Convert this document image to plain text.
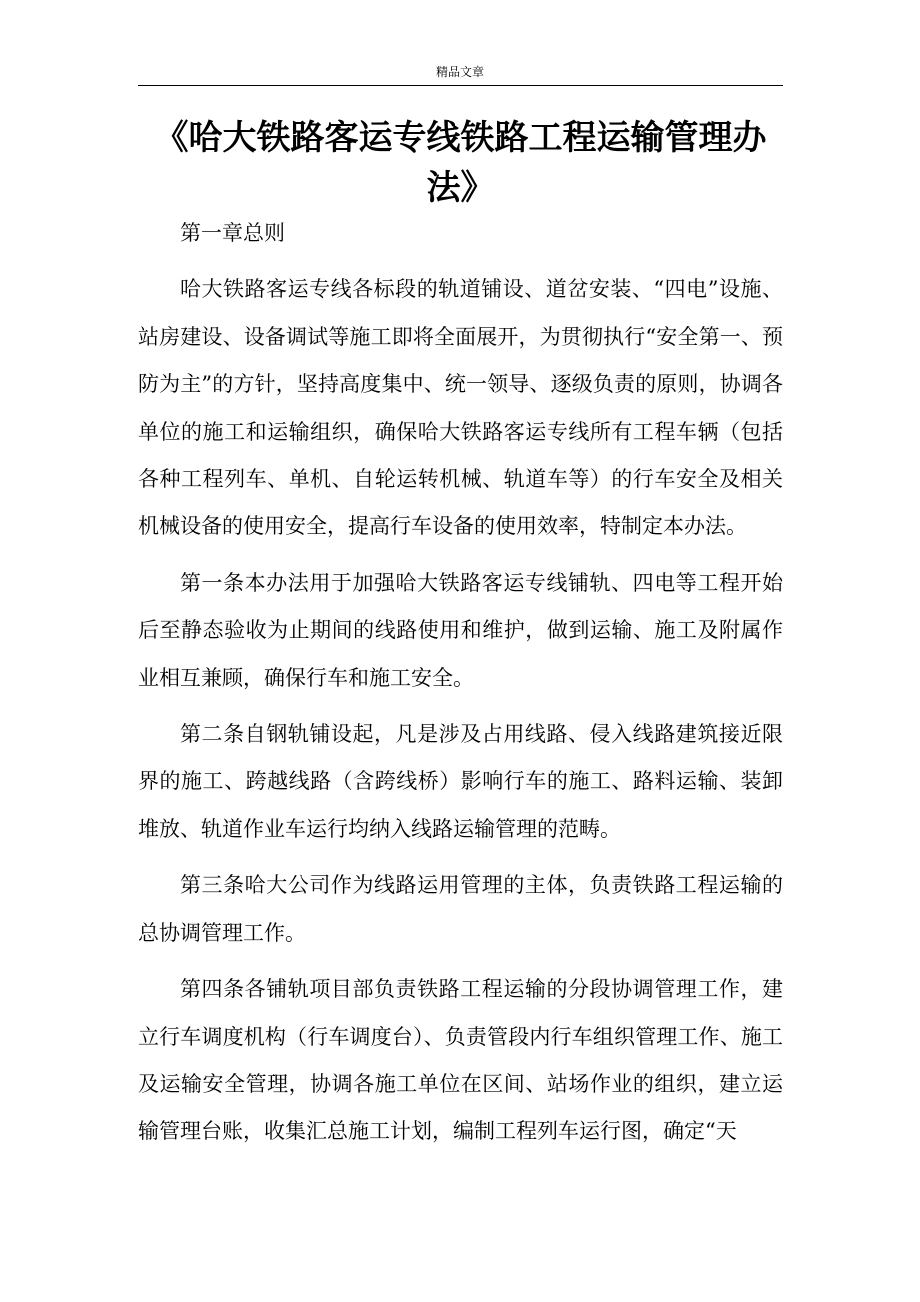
精品文章
《哈大铁路客运专线铁路工程运输管理办法》

第一章总则

哈大铁路客运专线各标段的轨道铺设、道岔安装、“四电”设施、站房建设、设备调试等施工即将全面展开，为贯彻执行“安全第一、预防为主”的方针，坚持高度集中、统一领导、逐级负责的原则，协调各单位的施工和运输组织，确保哈大铁路客运专线所有工程车辆（包括各种工程列车、单机、自轮运转机械、轨道车等）的行车安全及相关机械设备的使用安全，提高行车设备的使用效率，特制定本办法。

第一条本办法用于加强哈大铁路客运专线铺轨、四电等工程开始后至静态验收为止期间的线路使用和维护，做到运输、施工及附属作业相互兼顾，确保行车和施工安全。

第二条自钢轨铺设起，凡是涉及占用线路、侵入线路建筑接近限界的施工、跨越线路（含跨线桥）影响行车的施工、路料运输、装卸堆放、轨道作业车运行均纳入线路运输管理的范畴。

第三条哈大公司作为线路运用管理的主体，负责铁路工程运输的总协调管理工作。

第四条各铺轨项目部负责铁路工程运输的分段协调管理工作，建立行车调度机构（行车调度台）、负责管段内行车组织管理工作、施工及运输安全管理，协调各施工单位在区间、站场作业的组织，建立运输管理台账，收集汇总施工计划，编制工程列车运行图，确定“天
